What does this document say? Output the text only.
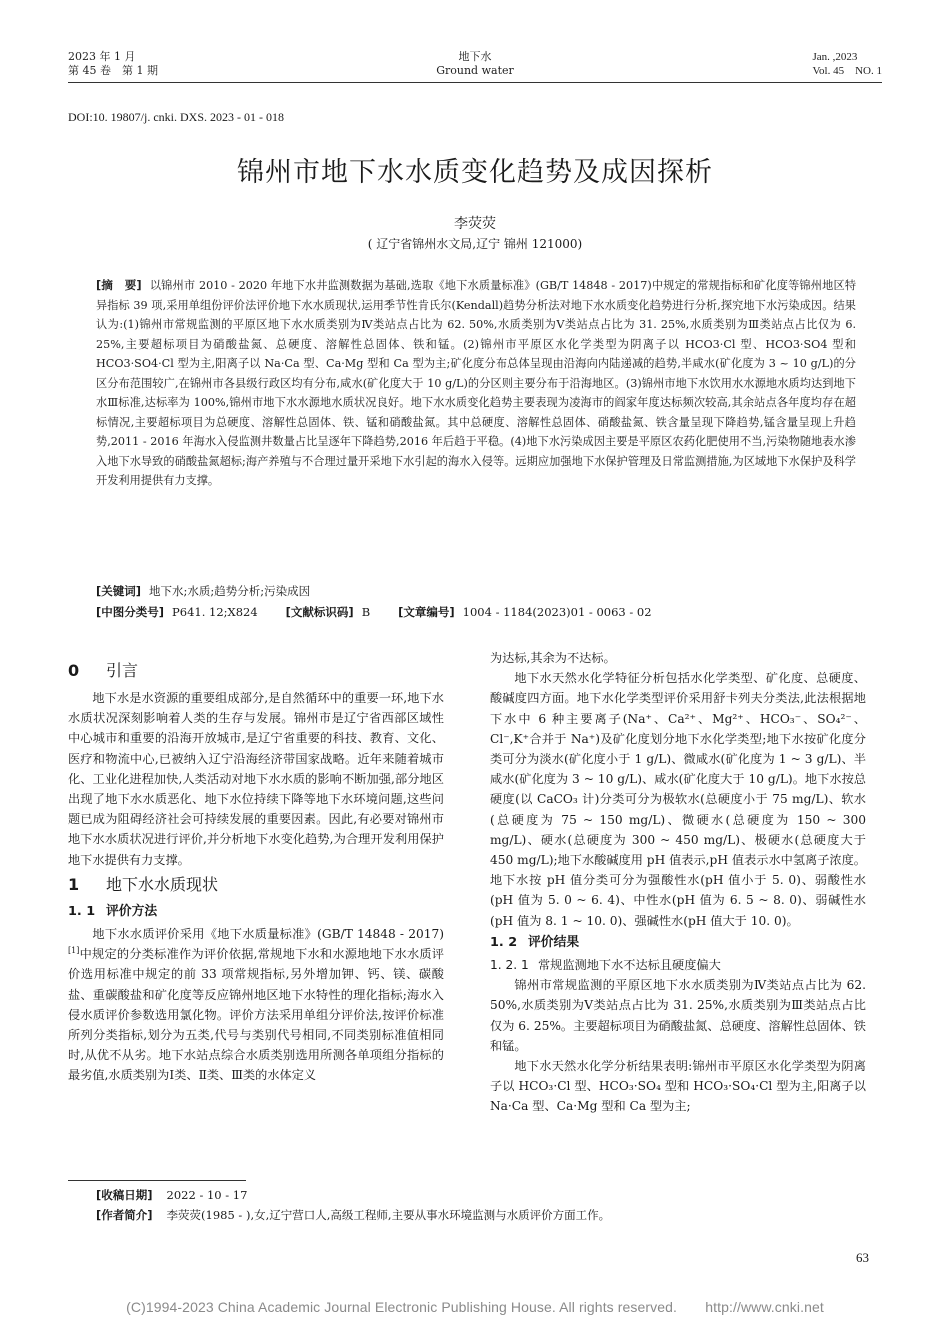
2023 年 1 月
第 45 卷　第 1 期
地下水
Ground water
Jan. ,2023
Vol. 45　NO. 1
DOI:10. 19807/j. cnki. DXS. 2023 - 01 - 018
锦州市地下水水质变化趋势及成因探析
李荧荧
( 辽宁省锦州水文局,辽宁 锦州 121000)
[摘　要] 以锦州市 2010 - 2020 年地下水井监测数据为基础,选取《地下水质量标准》(GB/T 14848 - 2017)中规定的常规指标和矿化度等锦州地区特异指标 39 项,采用单组份评价法评价地下水水质现状,运用季节性肯氏尔(Kendall)趋势分析法对地下水水质变化趋势进行分析,探究地下水污染成因。结果认为:(1)锦州市常规监测的平原区地下水水质类别为Ⅳ类站点占比为 62. 50%,水质类别为Ⅴ类站点占比为 31. 25%,水质类别为Ⅲ类站点占比仅为 6. 25%,主要超标项目为硝酸盐氮、总硬度、溶解性总固体、铁和锰。(2)锦州市平原区水化学类型为阴离子以 HCO3·Cl 型、HCO3·SO4 型和 HCO3·SO4·Cl 型为主,阳离子以 Na·Ca 型、Ca·Mg 型和 Ca 型为主;矿化度分布总体呈现由沿海向内陆递减的趋势,半咸水(矿化度为 3 ~ 10 g/L)的分区分布范围较广,在锦州市各县级行政区均有分布,咸水(矿化度大于 10 g/L)的分区则主要分布于沿海地区。(3)锦州市地下水饮用水水源地水质均达到地下水Ⅲ标准,达标率为 100%,锦州市地下水水源地水质状况良好。地下水水质变化趋势主要表现为凌海市的阎家年度达标频次较高,其余站点各年度均存在超标情况,主要超标项目为总硬度、溶解性总固体、铁、锰和硝酸盐氮。其中总硬度、溶解性总固体、硝酸盐氮、铁含量呈现下降趋势,锰含量呈现上升趋势,2011 - 2016 年海水入侵监测井数量占比呈逐年下降趋势,2016 年后趋于平稳。(4)地下水污染成因主要是平原区农药化肥使用不当,污染物随地表水渗入地下水导致的硝酸盐氮超标;海产养殖与不合理过量开采地下水引起的海水入侵等。远期应加强地下水保护管理及日常监测措施,为区域地下水保护及科学开发利用提供有力支撑。
[关键词] 地下水;水质;趋势分析;污染成因
[中图分类号] P641. 12;X824 [文献标识码] B [文章编号] 1004 - 1184(2023)01 - 0063 - 02
0 引言

地下水是水资源的重要组成部分,是自然循环中的重要一环,地下水水质状况深刻影响着人类的生存与发展。锦州市是辽宁省西部区域性中心城市和重要的沿海开放城市,是辽宁省重要的科技、教育、文化、医疗和物流中心,已被纳入辽宁沿海经济带国家战略。近年来随着城市化、工业化进程加快,人类活动对地下水水质的影响不断加强,部分地区出现了地下水水质恶化、地下水位持续下降等地下水环境问题,这些问题已成为阻碍经济社会可持续发展的重要因素。因此,有必要对锦州市地下水水质状况进行评价,并分析地下水变化趋势,为合理开发利用保护地下水提供有力支撑。

1 地下水水质现状
1. 1 评价方法

地下水水质评价采用《地下水质量标准》(GB/T 14848 - 2017)[1]中规定的分类标准作为评价依据,常规地下水和水源地地下水水质评价选用标准中规定的前 33 项常规指标,另外增加钾、钙、镁、碳酸盐、重碳酸盐和矿化度等反应锦州地区地下水特性的理化指标;海水入侵水质评价参数选用氯化物。评价方法采用单组分评价法,按评价标准所列分类指标,划分为五类,代号与类别代号相同,不同类别标准值相同时,从优不从劣。地下水站点综合水质类别选用所测各单项组分指标的最劣值,水质类别为Ⅰ类、Ⅱ类、Ⅲ类的水体定义

为达标,其余为不达标。

地下水天然水化学特征分析包括水化学类型、矿化度、总硬度、酸碱度四方面。地下水化学类型评价采用舒卡列夫分类法,此法根据地下水中 6 种主要离子(Na⁺、Ca²⁺、Mg²⁺、HCO₃⁻、SO₄²⁻、Cl⁻,K⁺合并于 Na⁺)及矿化度划分地下水化学类型;地下水按矿化度分类可分为淡水(矿化度小于 1 g/L)、微咸水(矿化度为 1 ~ 3 g/L)、半咸水(矿化度为 3 ~ 10 g/L)、咸水(矿化度大于 10 g/L)。地下水按总硬度(以 CaCO₃ 计)分类可分为极软水(总硬度小于 75 mg/L)、软水(总硬度为 75 ~ 150 mg/L)、微硬水(总硬度为 150 ~ 300 mg/L)、硬水(总硬度为 300 ~ 450 mg/L)、极硬水(总硬度大于 450 mg/L);地下水酸碱度用 pH 值表示,pH 值表示水中氢离子浓度。地下水按 pH 值分类可分为强酸性水(pH 值小于 5. 0)、弱酸性水(pH 值为 5. 0 ~ 6. 4)、中性水(pH 值为 6. 5 ~ 8. 0)、弱碱性水(pH 值为 8. 1 ~ 10. 0)、强碱性水(pH 值大于 10. 0)。

1. 2 评价结果
1. 2. 1 常规监测地下水不达标且硬度偏大

锦州市常规监测的平原区地下水水质类别为Ⅳ类站点占比为 62. 50%,水质类别为Ⅴ类站点占比为 31. 25%,水质类别为Ⅲ类站点占比仅为 6. 25%。主要超标项目为硝酸盐氮、总硬度、溶解性总固体、铁和锰。

地下水天然水化学分析结果表明:锦州市平原区水化学类型为阴离子以 HCO₃·Cl 型、HCO₃·SO₄ 型和 HCO₃·SO₄·Cl 型为主,阳离子以 Na·Ca 型、Ca·Mg 型和 Ca 型为主;

[收稿日期] 2022 - 10 - 17
[作者简介] 李荧荧(1985 - ),女,辽宁营口人,高级工程师,主要从事水环境监测与水质评价方面工作。
63
(C)1994-2023 China Academic Journal Electronic Publishing House. All rights reserved.　　http://www.cnki.net
